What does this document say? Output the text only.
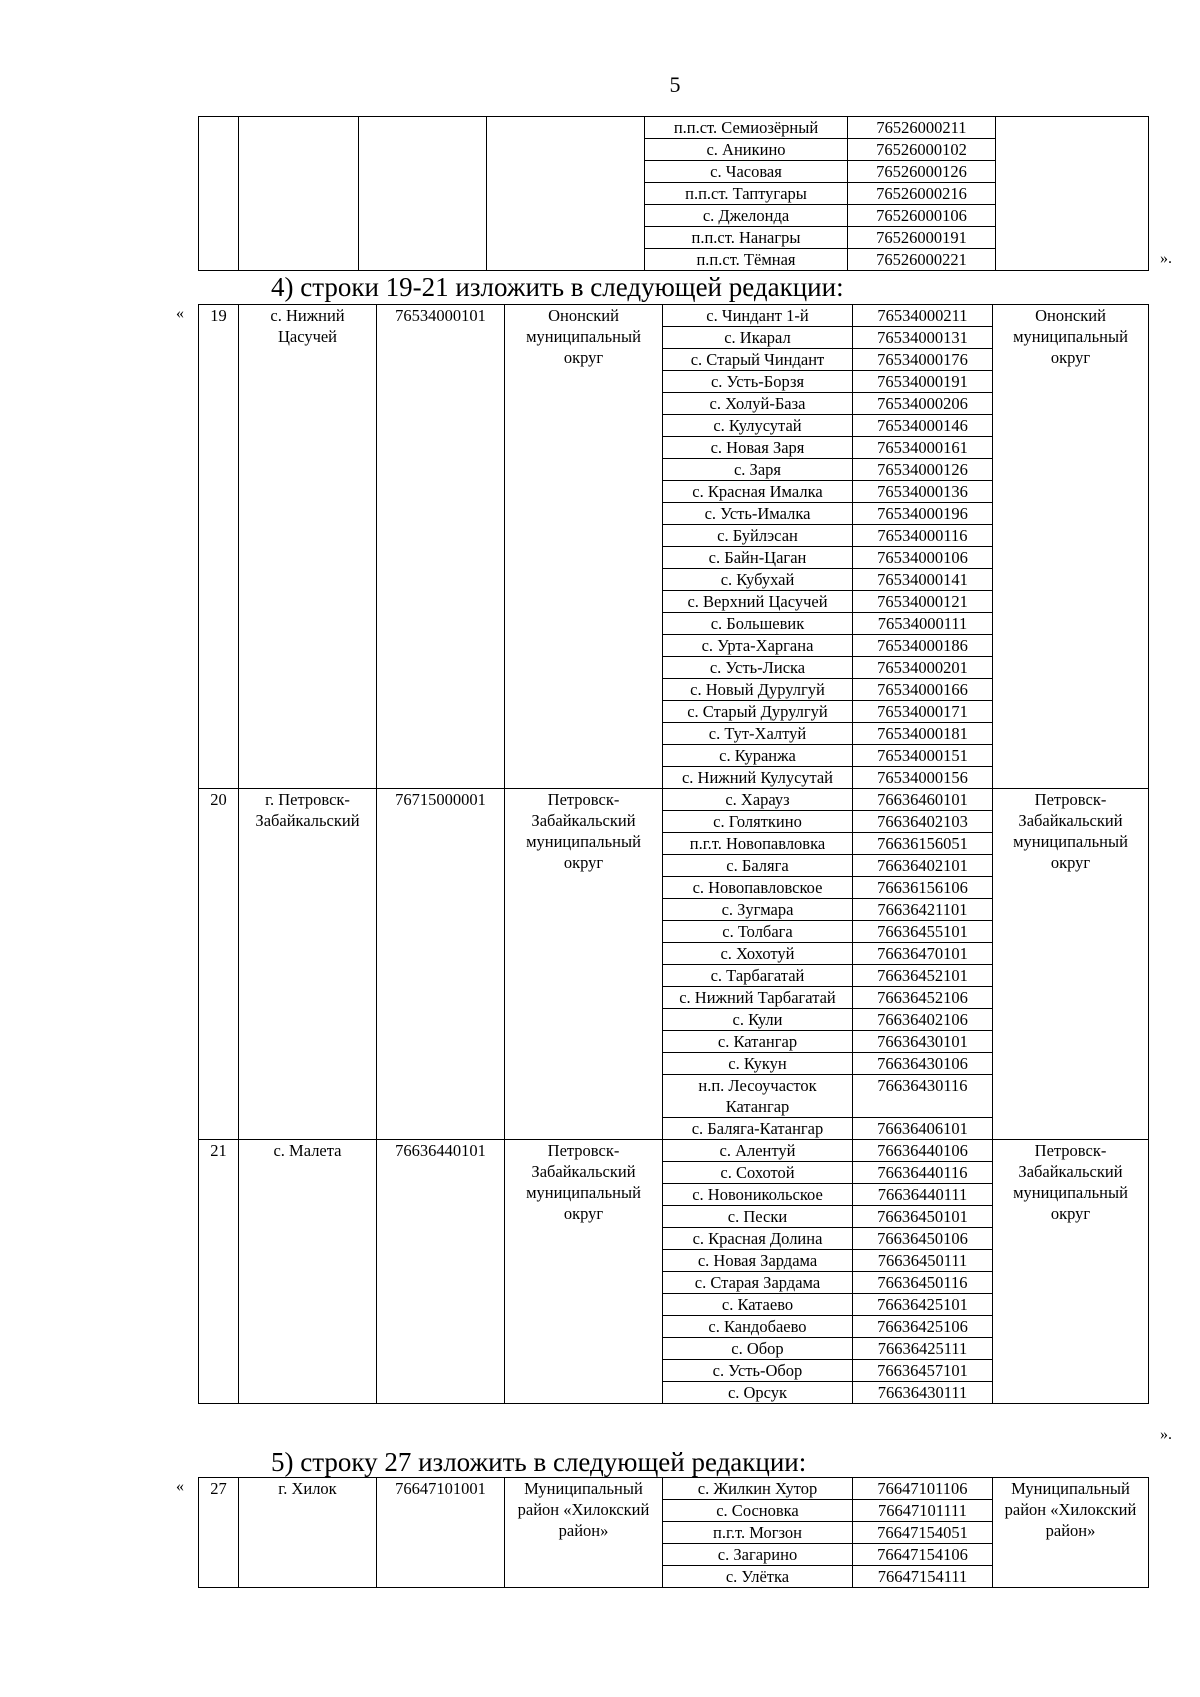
5
				п.п.ст. Семиозёрный	76526000211	
				с. Аникино	76526000102	
				с. Часовая	76526000126	
				п.п.ст. Таптугары	76526000216	
				с. Джелонда	76526000106	
				п.п.ст. Нанагры	76526000191	
				п.п.ст. Тёмная	76526000221		».
4) строки 19-21 изложить в следующей редакции:
« 19	с. Нижний Цасучей	76534000101	Ононский муниципальный округ	с. Чиндант 1-й	76534000211	Ононский муниципальный округ
				с. Икарал	76534000131	
				с. Старый Чиндант	76534000176	
				с. Усть-Борзя	76534000191	
				с. Холуй-База	76534000206	
				с. Кулусутай	76534000146	
				с. Новая Заря	76534000161	
				с. Заря	76534000126	
				с. Красная Ималка	76534000136	
				с. Усть-Ималка	76534000196	
				с. Буйлэсан	76534000116	
				с. Байн-Цаган	76534000106	
				с. Кубухай	76534000141	
				с. Верхний Цасучей	76534000121	
				с. Большевик	76534000111	
				с. Урта-Харгана	76534000186	
				с. Усть-Лиска	76534000201	
				с. Новый Дурулгуй	76534000166	
				с. Старый Дурулгуй	76534000171	
				с. Тут-Халтуй	76534000181	
				с. Куранжа	76534000151	
				с. Нижний Кулусутай	76534000156	
20	г. Петровск-Забайкальский	76715000001	Петровск-Забайкальский муниципальный округ	с. Харауз	76636460101	Петровск-Забайкальский муниципальный округ
				с. Голяткино	76636402103	
				п.г.т. Новопавловка	76636156051	
				с. Баляга	76636402101	
				с. Новопавловское	76636156106	
				с. Зугмара	76636421101	
				с. Толбага	76636455101	
				с. Хохотуй	76636470101	
				с. Тарбагатай	76636452101	
				с. Нижний Тарбагатай	76636452106	
				с. Кули	76636402106	
				с. Катангар	76636430101	
				с. Кукун	76636430106	
				н.п. Лесоучасток Катангар	76636430116	
				с. Баляга-Катангар	76636406101	
21	с. Малета	76636440101	Петровск-Забайкальский муниципальный округ	с. Алентуй	76636440106	Петровск-Забайкальский муниципальный округ
				с. Сохотой	76636440116	
				с. Новоникольское	76636440111	
				с. Пески	76636450101	
				с. Красная Долина	76636450106	
				с. Новая Зардама	76636450111	
				с. Старая Зардама	76636450116	
				с. Катаево	76636425101	
				с. Кандобаево	76636425106	
				с. Обор	76636425111	
				с. Усть-Обор	76636457101	
				с. Орсук	76636430111	
».
5) строку 27 изложить в следующей редакции:
« 27	г. Хилок	76647101001	Муниципальный район «Хилокский район»	с. Жилкин Хутор	76647101106	Муниципальный район «Хилокский район»
				с. Сосновка	76647101111	
				п.г.т. Могзон	76647154051	
				с. Загарино	76647154106	
				с. Улётка	76647154111	
